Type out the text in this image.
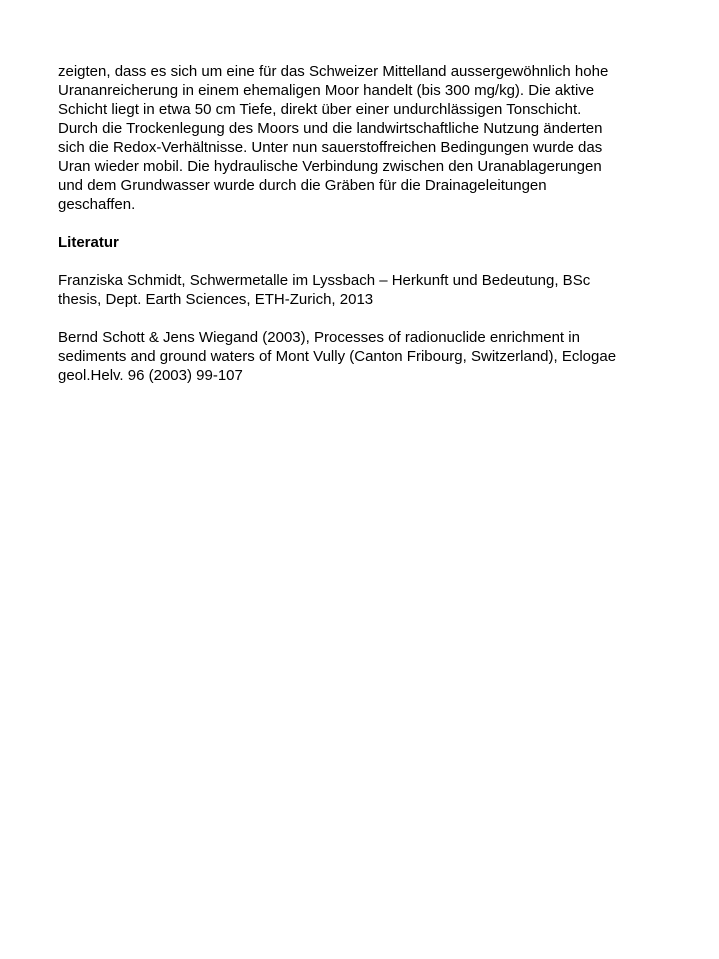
zeigten, dass es sich um eine für das Schweizer Mittelland aussergewöhnlich hohe
Urananreicherung in einem ehemaligen Moor handelt (bis 300 mg/kg). Die aktive
Schicht liegt in etwa 50 cm Tiefe, direkt über einer undurchlässigen Tonschicht.
Durch die Trockenlegung des Moors und die landwirtschaftliche Nutzung änderten
sich die Redox-Verhältnisse. Unter nun sauerstoffreichen Bedingungen wurde das
Uran wieder mobil. Die hydraulische Verbindung zwischen den Uranablagerungen
und dem Grundwasser wurde durch die Gräben für die Drainageleitungen
geschaffen.

Literatur

Franziska Schmidt, Schwermetalle im Lyssbach – Herkunft und Bedeutung, BSc
thesis, Dept. Earth Sciences, ETH-Zurich, 2013

Bernd Schott & Jens Wiegand (2003), Processes of radionuclide enrichment in
sediments and ground waters of Mont Vully (Canton Fribourg, Switzerland), Eclogae
geol.Helv. 96 (2003) 99-107
